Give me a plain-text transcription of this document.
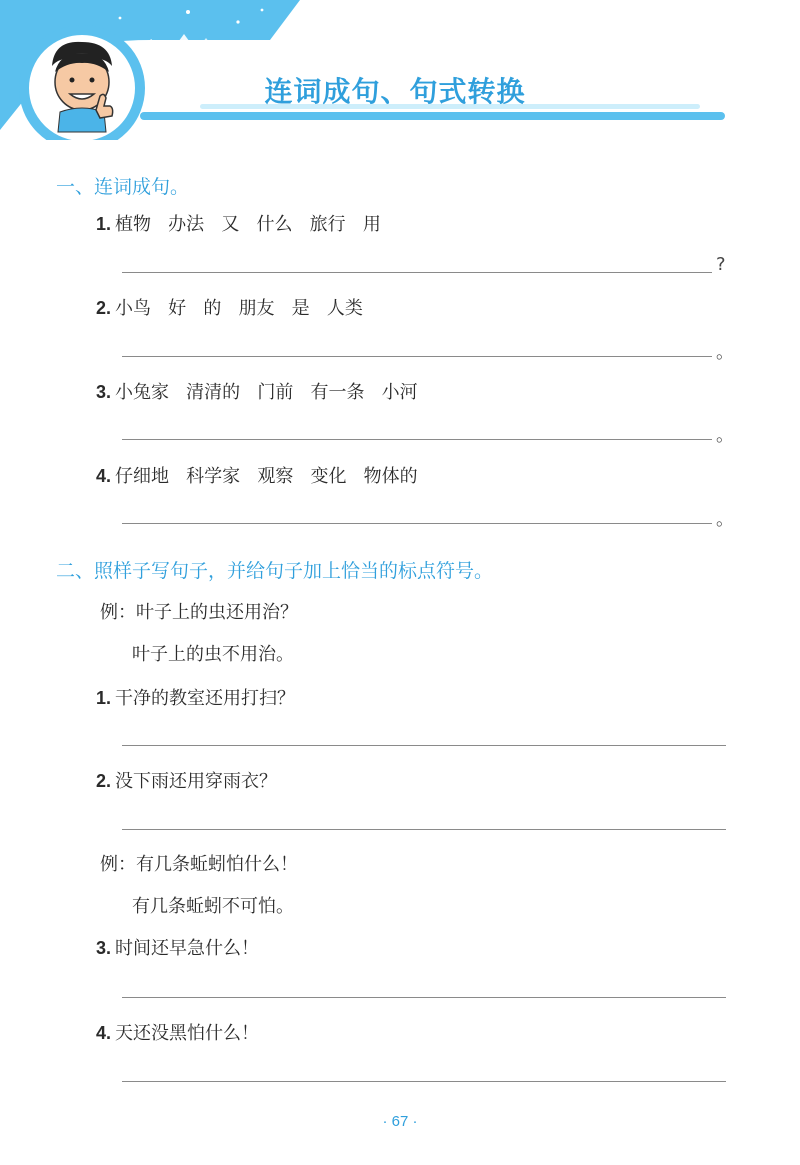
连词成句、句式转换
一、连词成句。
1. 植物   办法   又   什么   旅行   用
?
2. 小鸟   好   的   朋友   是   人类
。
3. 小兔家   清清的   门前   有一条   小河
。
4. 仔细地   科学家   观察   变化   物体的
。
二、照样子写句子，并给句子加上恰当的标点符号。
例：叶子上的虫还用治？
叶子上的虫不用治。
1. 干净的教室还用打扫？
2. 没下雨还用穿雨衣？
例：有几条蚯蚓怕什么！
有几条蚯蚓不可怕。
3. 时间还早急什么！
4. 天还没黑怕什么！
· 67 ·
